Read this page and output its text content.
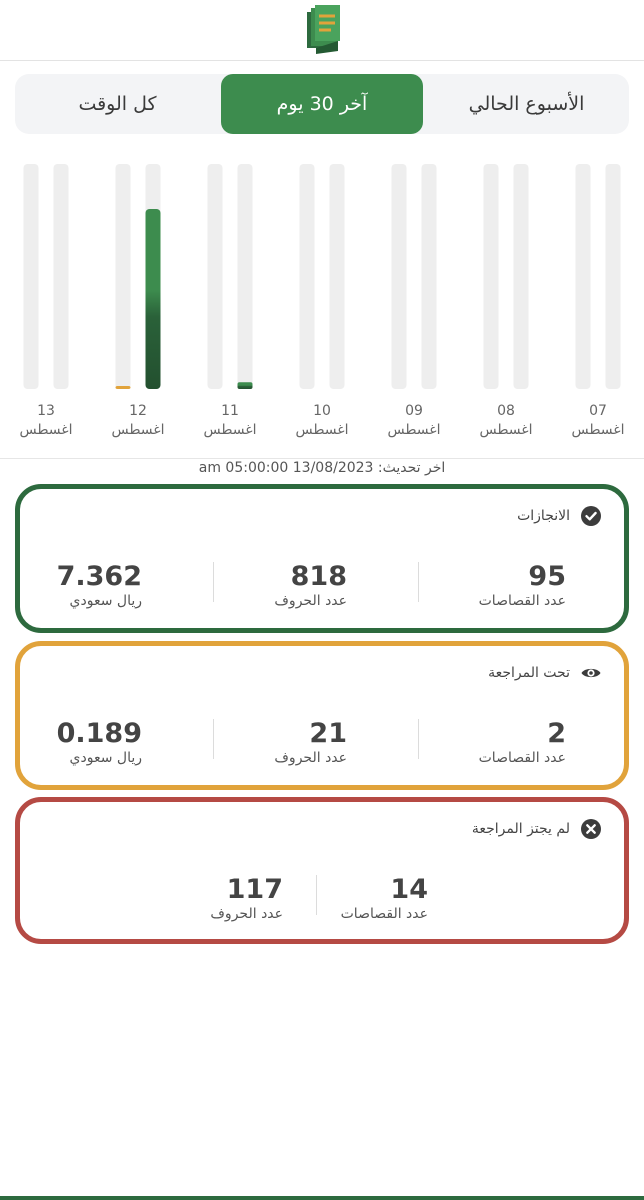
الأسبوع الحالي
آخر 30 يوم
كل الوقت
07
اغسطس
08
اغسطس
09
اغسطس
10
اغسطس
11
اغسطس
12
اغسطس
13
اغسطس
اخر تحديث: 13/08/2023 05:00:00 am
الانجازات
95
عدد القصاصات
818
عدد الحروف
7.362
ريال سعودي
تحت المراجعة
2
عدد القصاصات
21
عدد الحروف
0.189
ريال سعودي
لم يجتز المراجعة
14
عدد القصاصات
117
عدد الحروف
